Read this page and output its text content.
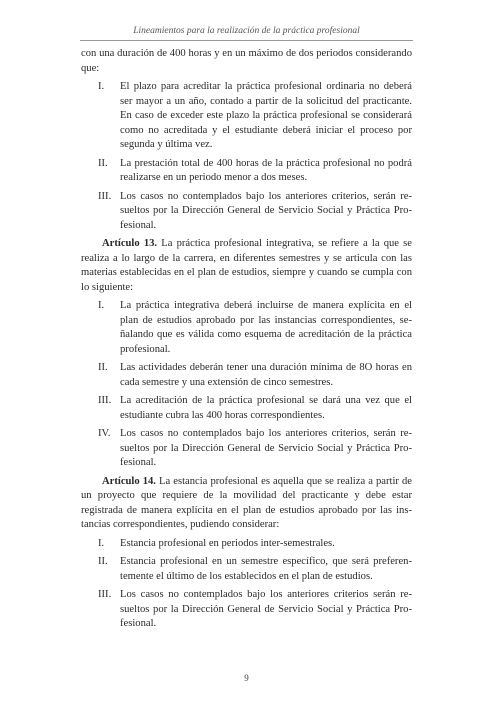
Lineamientos para la realización de la práctica profesional

con una duración de 400 horas y en un máximo de dos periodos considerando que:

I. El plazo para acreditar la práctica profesional ordinaria no deberá ser mayor a un año, contado a partir de la solicitud del practicante. En caso de exceder este plazo la práctica profesional se considerará como no acreditada y el estudiante deberá iniciar el proceso por segunda y última vez.
II. La prestación total de 400 horas de la práctica profesional no podrá realizarse en un periodo menor a dos meses.
III. Los casos no contemplados bajo los anteriores criterios, serán resueltos por la Dirección General de Servicio Social y Práctica Profesional.

Artículo 13. La práctica profesional integrativa, se refiere a la que se realiza a lo largo de la carrera, en diferentes semestres y se articula con las materias establecidas en el plan de estudios, siempre y cuando se cumpla con lo siguiente:

I. La práctica integrativa deberá incluirse de manera explícita en el plan de estudios aprobado por las instancias correspondientes, señalando que es válida como esquema de acreditación de la práctica profesional.
II. Las actividades deberán tener una duración mínima de 8O horas en cada semestre y una extensión de cinco semestres.
III. La acreditación de la práctica profesional se dará una vez que el estudiante cubra las 400 horas correspondientes.
IV. Los casos no contemplados bajo los anteriores criterios, serán resueltos por la Dirección General de Servicio Social y Práctica Profesional.

Artículo 14. La estancia profesional es aquella que se realiza a partir de un proyecto que requiere de la movilidad del practicante y debe estar registrada de manera explícita en el plan de estudios aprobado por las instancias correspondientes, pudiendo considerar:

I. Estancia profesional en periodos inter-semestrales.
II. Estancia profesional en un semestre específico, que será preferentemente el último de los establecidos en el plan de estudios.
III. Los casos no contemplados bajo los anteriores criterios serán resueltos por la Dirección General de Servicio Social y Práctica Profesional.
9
